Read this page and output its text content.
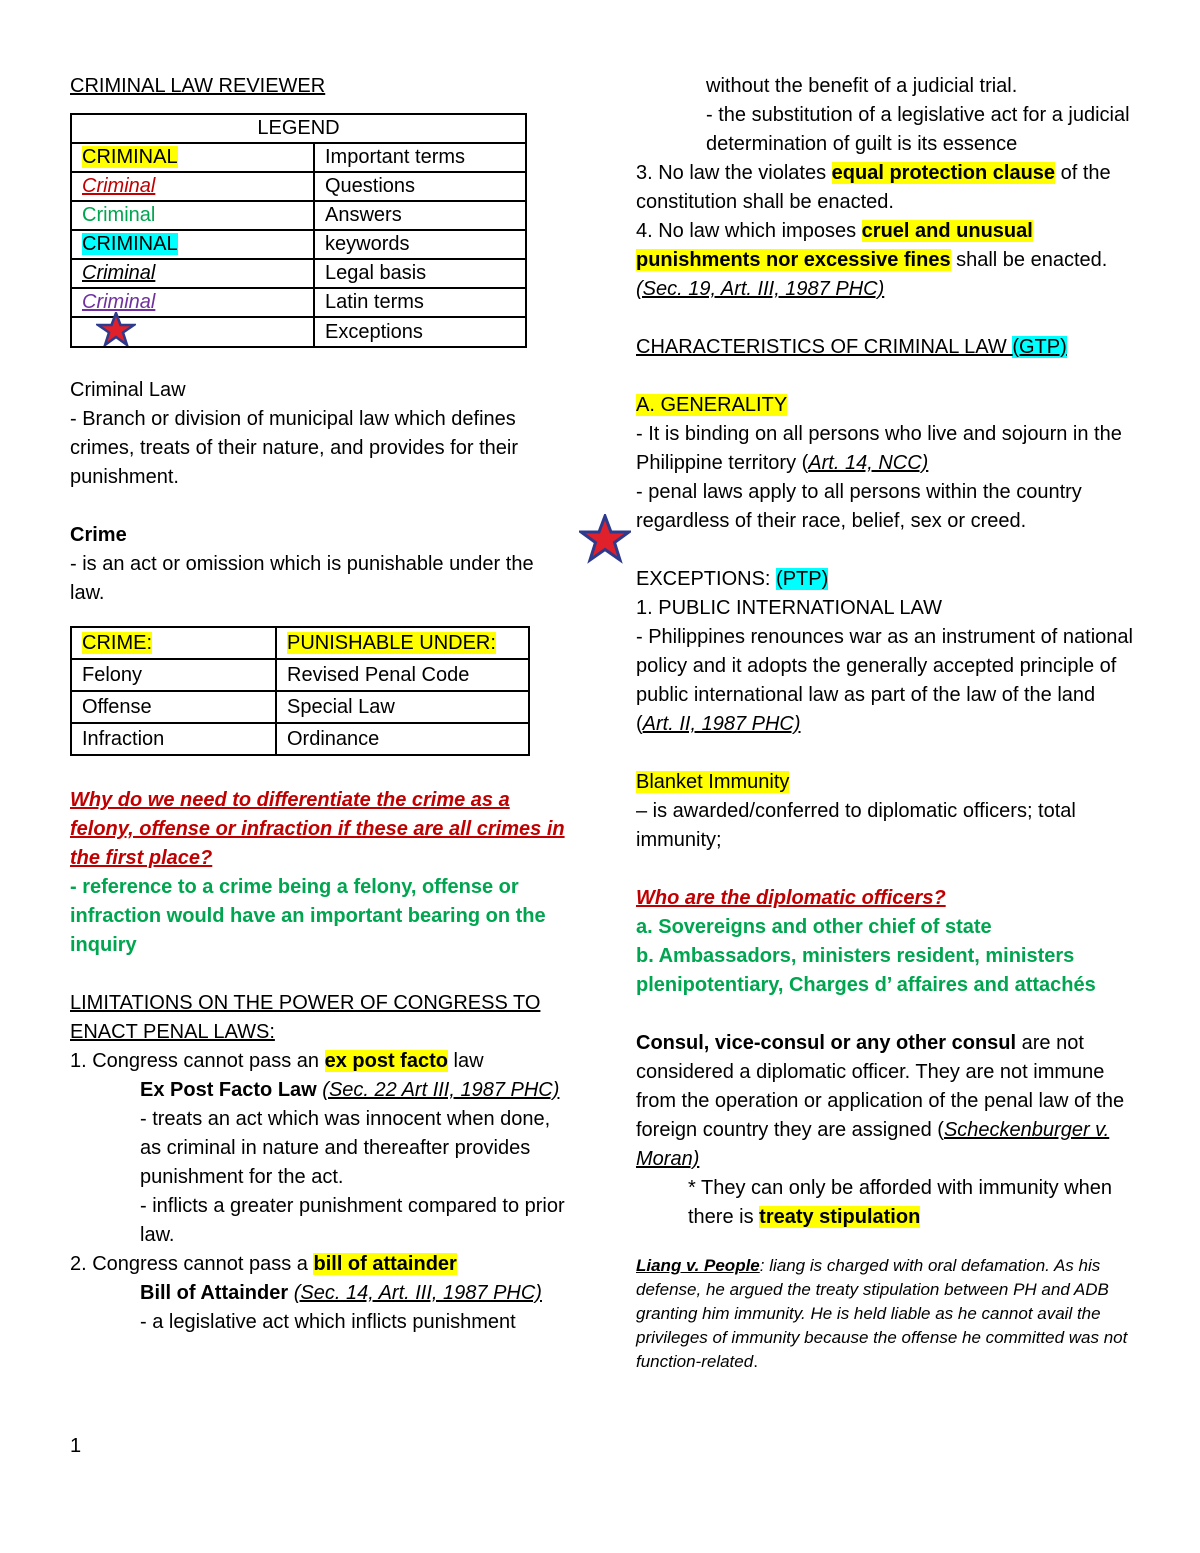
CRIMINAL LAW REVIEWER

LEGEND	
CRIMINAL	Important terms
Criminal	Questions
Criminal	Answers
CRIMINAL	keywords
Criminal	Legal basis
Criminal	Latin terms
	Exceptions

Criminal Law

- Branch or division of municipal law which defines crimes, treats of their nature, and provides for their punishment.

Crime

- is an act or omission which is punishable under the law.

CRIME:	PUNISHABLE UNDER:
Felony	Revised Penal Code
Offense	Special Law
Infraction	Ordinance

Why do we need to differentiate the crime as a felony, offense or infraction if these are all crimes in the first place?

- reference to a crime being a felony, offense or infraction would have an important bearing on the inquiry

LIMITATIONS ON THE POWER OF CONGRESS TO ENACT PENAL LAWS:

1. Congress cannot pass an ex post facto law

Ex Post Facto Law (Sec. 22 Art III, 1987 PHC)

- treats an act which was innocent when done, as criminal in nature and thereafter provides punishment for the act.

- inflicts a greater punishment compared to prior law.

2. Congress cannot pass a bill of attainder

Bill of Attainder (Sec. 14, Art. III, 1987 PHC)

- a legislative act which inflicts punishment

1

without the benefit of a judicial trial.

- the substitution of a legislative act for a judicial determination of guilt is its essence

3. No law the violates equal protection clause of the constitution shall be enacted.

4. No law which imposes cruel and unusual punishments nor excessive fines shall be enacted.

(Sec. 19, Art. III, 1987 PHC)

CHARACTERISTICS OF CRIMINAL LAW (GTP)

A. GENERALITY

- It is binding on all persons who live and sojourn in the Philippine territory (Art. 14, NCC)

- penal laws apply to all persons within the country regardless of their race, belief, sex or creed.

EXCEPTIONS: (PTP)

1. PUBLIC INTERNATIONAL LAW

- Philippines renounces war as an instrument of national policy and it adopts the generally accepted principle of public international law as part of the law of the land (Art. II, 1987 PHC)

Blanket Immunity

– is awarded/conferred to diplomatic officers; total immunity;

Who are the diplomatic officers?

a. Sovereigns and other chief of state

b. Ambassadors, ministers resident, ministers plenipotentiary, Charges d’ affaires and attachés

Consul, vice-consul or any other consul are not considered a diplomatic officer. They are not immune from the operation or application of the penal law of the foreign country they are assigned (Scheckenburger v. Moran)

* They can only be afforded with immunity when there is treaty stipulation

Liang v. People: liang is charged with oral defamation. As his defense, he argued the treaty stipulation between PH and ADB granting him immunity. He is held liable as he cannot avail the privileges of immunity because the offense he committed was not function-related.
